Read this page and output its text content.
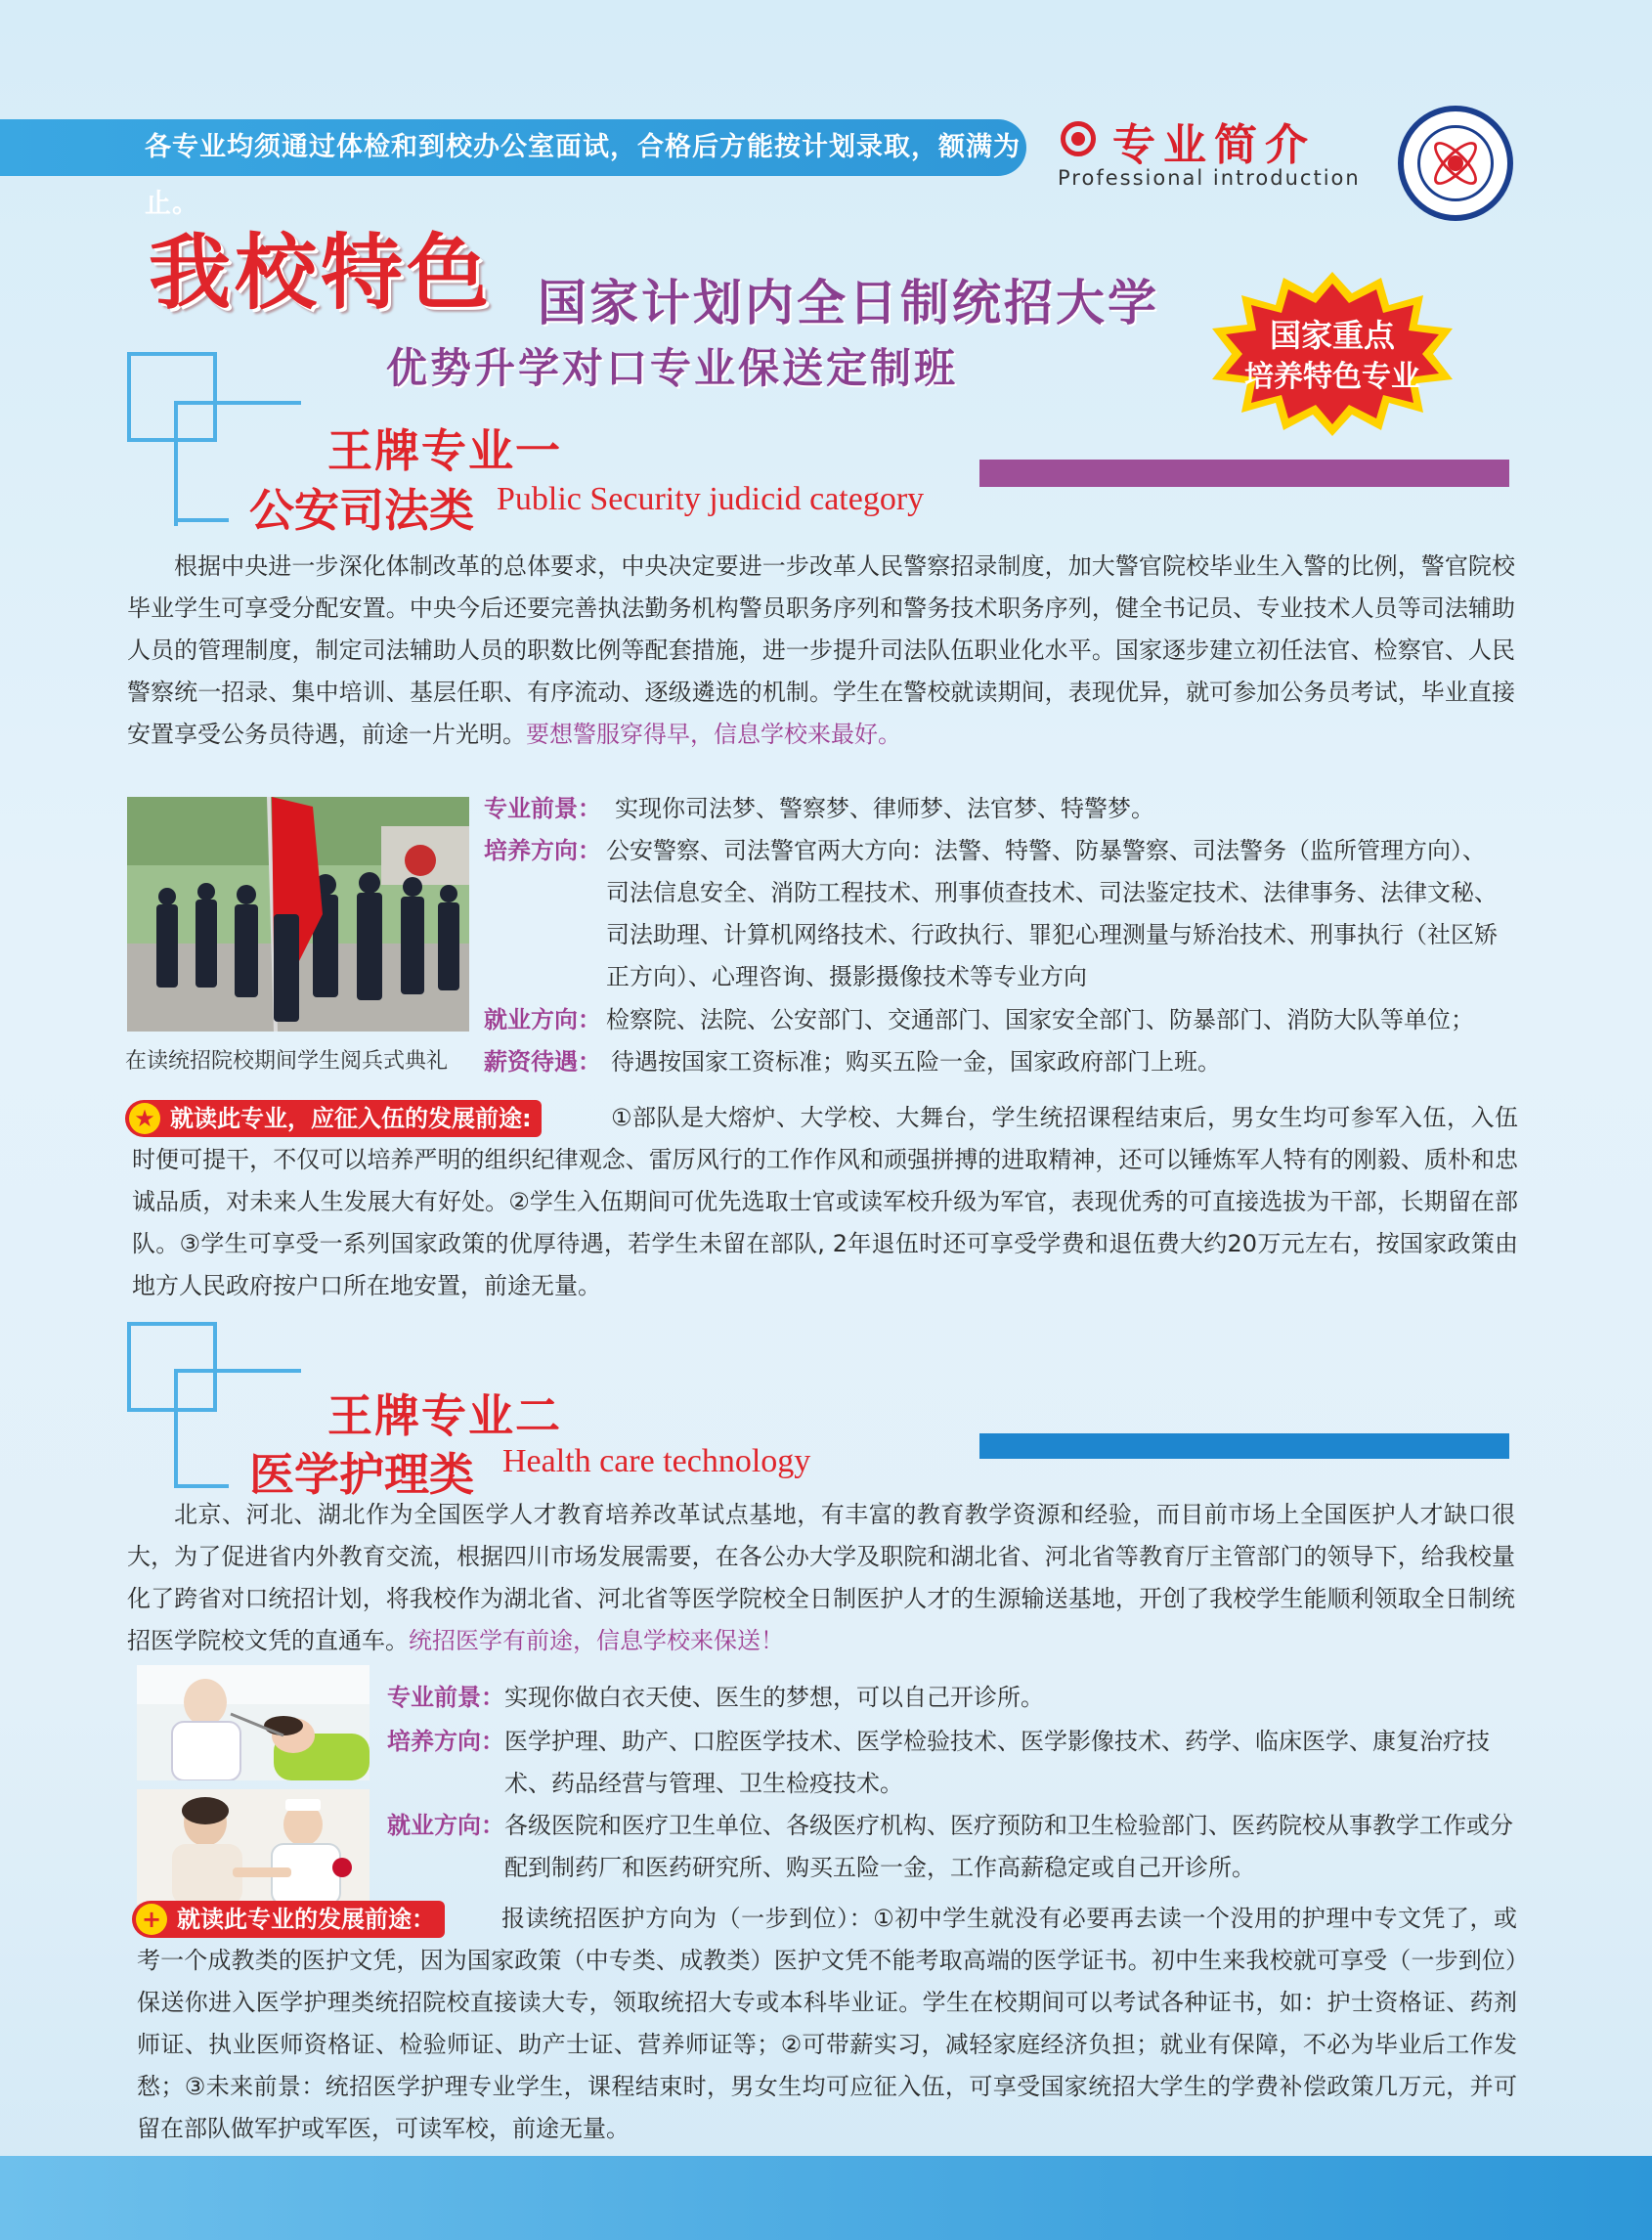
各专业均须通过体检和到校办公室面试，合格后方能按计划录取，额满为止。
专业简介
Professional introduction
我校特色 国家计划内全日制统招大学
优势升学对口专业保送定制班
国家重点
培养特色专业
王牌专业一
公安司法类 Public Security judicid category
根据中央进一步深化体制改革的总体要求，中央决定要进一步改革人民警察招录制度，加大警官院校毕业生入警的比例，警官院校毕业学生可享受分配安置。中央今后还要完善执法勤务机构警员职务序列和警务技术职务序列，健全书记员、专业技术人员等司法辅助人员的管理制度，制定司法辅助人员的职数比例等配套措施，进一步提升司法队伍职业化水平。国家逐步建立初任法官、检察官、人民警察统一招录、集中培训、基层任职、有序流动、逐级遴选的机制。学生在警校就读期间，表现优异，就可参加公务员考试，毕业直接安置享受公务员待遇，前途一片光明。要想警服穿得早，信息学校来最好。
在读统招院校期间学生阅兵式典礼
专业前景： 实现你司法梦、警察梦、律师梦、法官梦、特警梦。
培养方向： 公安警察、司法警官两大方向：法警、特警、防暴警察、司法警务（监所管理方向）、司法信息安全、消防工程技术、刑事侦查技术、司法鉴定技术、法律事务、法律文秘、司法助理、计算机网络技术、行政执行、罪犯心理测量与矫治技术、刑事执行（社区矫正方向）、心理咨询、摄影摄像技术等专业方向
就业方向： 检察院、法院、公安部门、交通部门、国家安全部门、防暴部门、消防大队等单位；
薪资待遇： 待遇按国家工资标准；购买五险一金，国家政府部门上班。
★ 就读此专业，应征入伍的发展前途:	①部队是大熔炉、大学校、大舞台，学生统招课程结束后，男女生均可参军入伍，入伍时便可提干，不仅可以培养严明的组织纪律观念、雷厉风行的工作作风和顽强拼搏的进取精神，还可以锤炼军人特有的刚毅、质朴和忠诚品质，对未来人生发展大有好处。②学生入伍期间可优先选取士官或读军校升级为军官，表现优秀的可直接选拔为干部，长期留在部队。③学生可享受一系列国家政策的优厚待遇，若学生未留在部队, 2年退伍时还可享受学费和退伍费大约20万元左右，按国家政策由地方人民政府按户口所在地安置，前途无量。
王牌专业二
医学护理类 Health care technology
北京、河北、湖北作为全国医学人才教育培养改革试点基地，有丰富的教育教学资源和经验，而目前市场上全国医护人才缺口很大，为了促进省内外教育交流，根据四川市场发展需要，在各公办大学及职院和湖北省、河北省等教育厅主管部门的领导下，给我校量化了跨省对口统招计划，将我校作为湖北省、河北省等医学院校全日制医护人才的生源输送基地，开创了我校学生能顺利领取全日制统招医学院校文凭的直通车。统招医学有前途，信息学校来保送！
专业前景： 实现你做白衣天使、医生的梦想，可以自己开诊所。
培养方向： 医学护理、助产、口腔医学技术、医学检验技术、医学影像技术、药学、临床医学、康复治疗技术、药品经营与管理、卫生检疫技术。
就业方向： 各级医院和医疗卫生单位、各级医疗机构、医疗预防和卫生检验部门、医药院校从事教学工作或分配到制药厂和医药研究所、购买五险一金，工作高薪稳定或自己开诊所。
+ 就读此专业的发展前途：	报读统招医护方向为（一步到位）：①初中学生就没有必要再去读一个没用的护理中专文凭了，或考一个成教类的医护文凭，因为国家政策（中专类、成教类）医护文凭不能考取高端的医学证书。初中生来我校就可享受（一步到位）保送你进入医学护理类统招院校直接读大专，领取统招大专或本科毕业证。学生在校期间可以考试各种证书，如：护士资格证、药剂师证、执业医师资格证、检验师证、助产士证、营养师证等；②可带薪实习，减轻家庭经济负担；就业有保障，不必为毕业后工作发愁；③未来前景：统招医学护理专业学生，课程结束时，男女生均可应征入伍，可享受国家统招大学生的学费补偿政策几万元，并可留在部队做军护或军医，可读军校，前途无量。
